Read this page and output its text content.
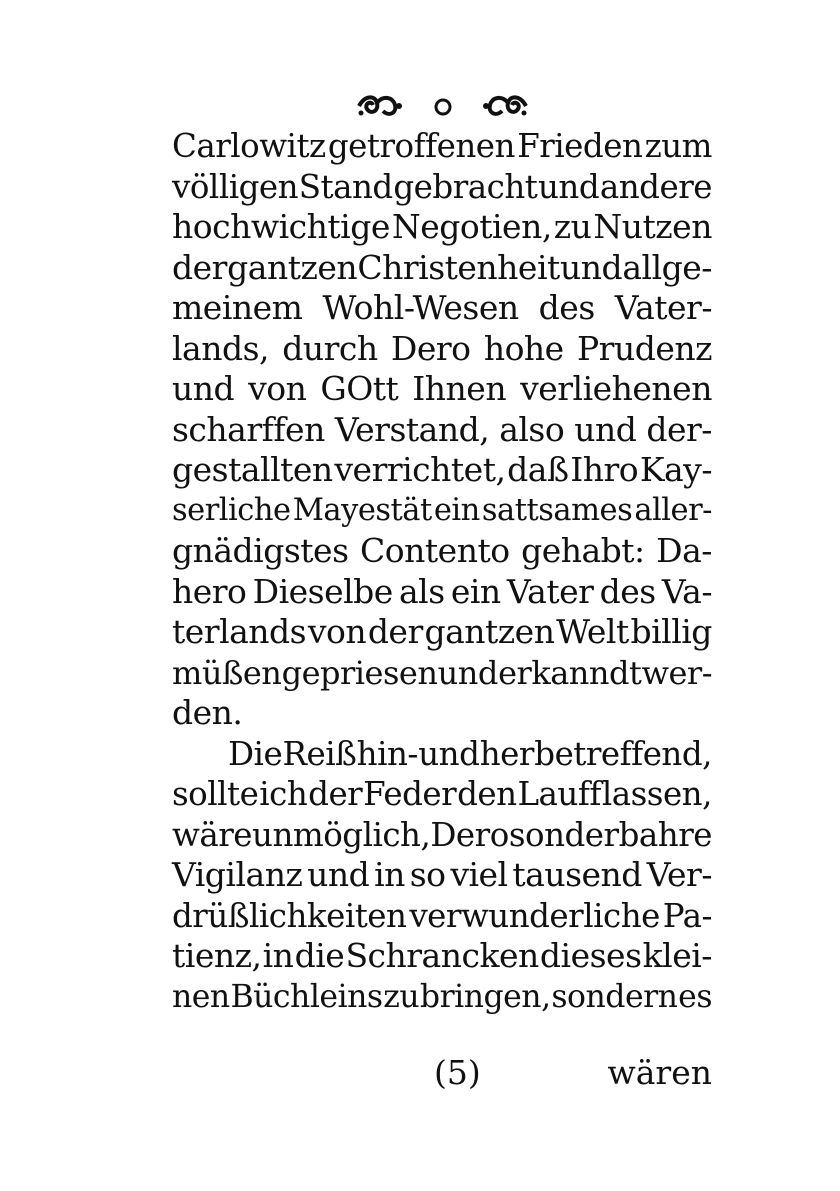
Carlowitz getroffenen Frieden zum
völligen Stand gebracht und andere
hochwichtige Negotien, zu Nutzen
der gantzen Christenheit und allge-
meinem Wohl-Wesen des Vater-
lands, durch Dero hohe Prudenz
und von GOtt Ihnen verliehenen
scharffen Verstand, also und der-
gestallten verrichtet, daß Ihro Kay-
serliche Mayestät ein sattsames aller-
gnädigstes Contento gehabt: Da-
hero Dieselbe als ein Vater des Va-
terlands von der gantzen Welt billig
müßen gepriesen und erkanndt wer-
den.
Die Reiß hin- und her betreffend,
sollte ich der Feder den Lauff lassen,
wäre unmöglich, Dero sonderbahre
Vigilanz und in so viel tausend Ver-
drüßlichkeiten verwunderliche Pa-
tienz, in die Schrancken dieses klei-
nen Büchleins zu bringen, sondern es
(5)	wären
